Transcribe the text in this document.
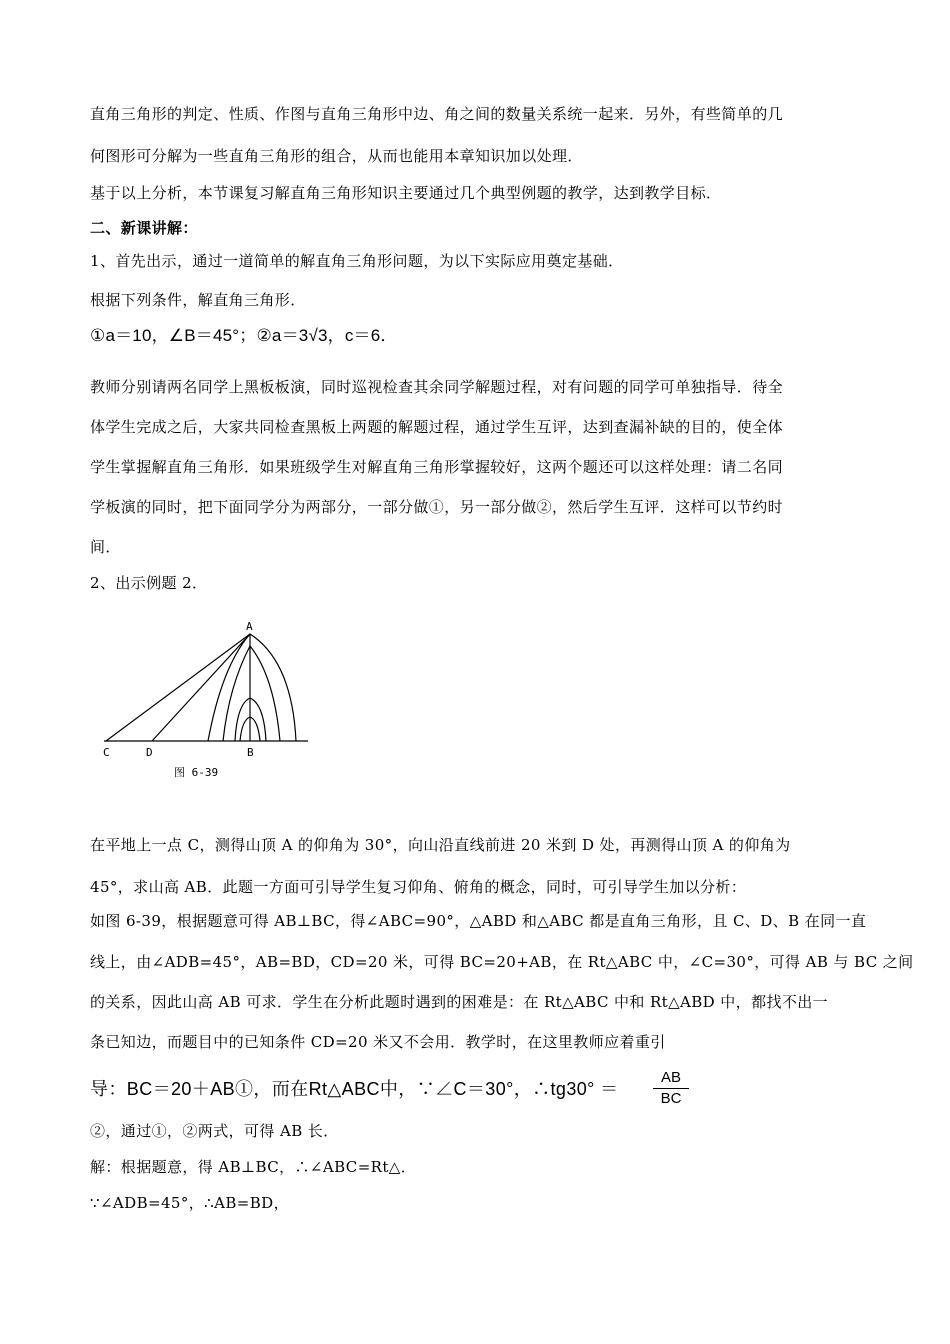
直角三角形的判定、性质、作图与直角三角形中边、角之间的数量关系统一起来．另外，有些简单的几
何图形可分解为一些直角三角形的组合，从而也能用本章知识加以处理．
基于以上分析，本节课复习解直角三角形知识主要通过几个典型例题的教学，达到教学目标．
二、新课讲解：
1、首先出示，通过一道简单的解直角三角形问题，为以下实际应用奠定基础．
根据下列条件，解直角三角形．
①a＝10，∠B＝45°；②a＝3√3，c＝6．
教师分别请两名同学上黑板板演，同时巡视检查其余同学解题过程，对有问题的同学可单独指导．待全
体学生完成之后，大家共同检查黑板上两题的解题过程，通过学生互评，达到查漏补缺的目的，使全体
学生掌握解直角三角形．如果班级学生对解直角三角形掌握较好，这两个题还可以这样处理：请二名同
学板演的同时，把下面同学分为两部分，一部分做①，另一部分做②，然后学生互评．这样可以节约时
间．
2、出示例题 2．
A
B
C	D
图 6-39
在平地上一点 C，测得山顶 A 的仰角为 30°，向山沿直线前进 20 米到 D 处，再测得山顶 A 的仰角为
45°，求山高 AB．此题一方面可引导学生复习仰角、俯角的概念，同时，可引导学生加以分析：
如图 6-39，根据题意可得 AB⊥BC，得∠ABC=90°，△ABD 和△ABC 都是直角三角形，且 C、D、B 在同一直
线上，由∠ADB=45°，AB=BD，CD=20 米，可得 BC=20+AB，在 Rt△ABC 中，∠C=30°，可得 AB 与 BC 之间
的关系，因此山高 AB 可求．学生在分析此题时遇到的困难是：在 Rt△ABC 中和 Rt△ABD 中，都找不出一
条已知边，而题目中的已知条件 CD=20 米又不会用．教学时，在这里教师应着重引
导：BC＝20＋AB①，而在Rt△ABC中，∵∠C＝30°，∴tg30° ＝
AB
BC
②，通过①，②两式，可得 AB 长．
解：根据题意，得 AB⊥BC，∴∠ABC=Rt△．
∵∠ADB=45°，∴AB=BD，
